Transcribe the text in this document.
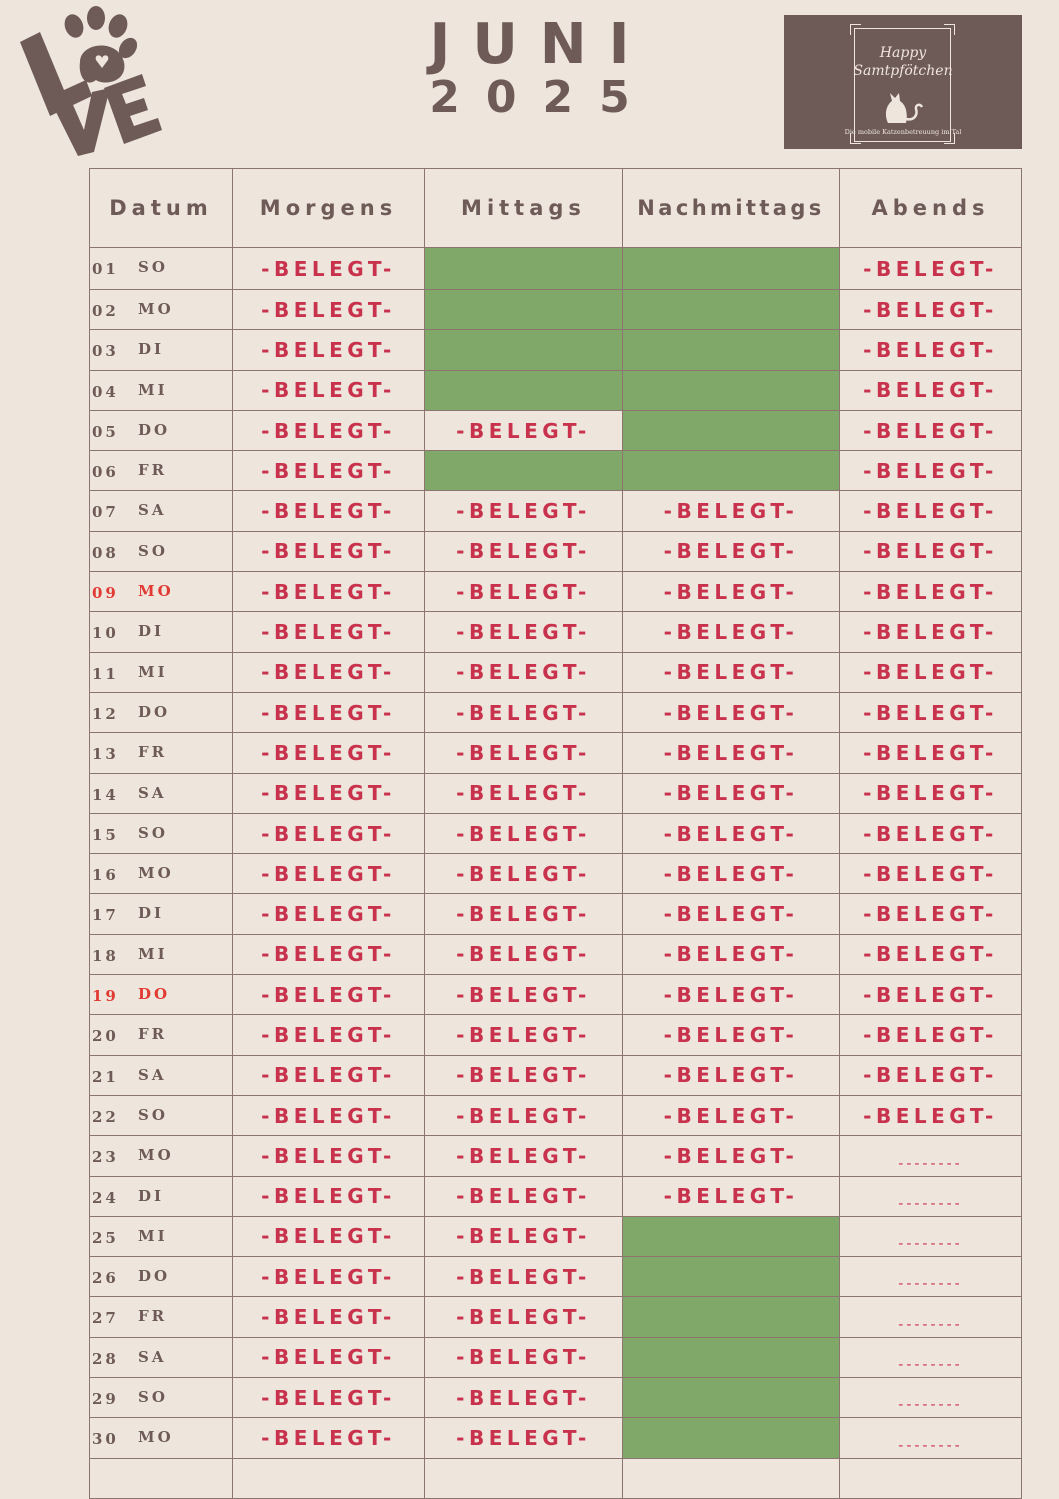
JUNI
2025
Happy
Samtpfötchen
Die mobile Katzenbetreuung im Tal
Datum	Morgens	Mittags	Nachmittags	Abends

01 SO	-BELEGT-			-BELEGT-

02 MO	-BELEGT-			-BELEGT-

03 DI	-BELEGT-			-BELEGT-

04 MI	-BELEGT-			-BELEGT-

05 DO	-BELEGT-	-BELEGT-		-BELEGT-

06 FR	-BELEGT-			-BELEGT-

07 SA	-BELEGT-	-BELEGT-	-BELEGT-	-BELEGT-

08 SO	-BELEGT-	-BELEGT-	-BELEGT-	-BELEGT-

09 MO	-BELEGT-	-BELEGT-	-BELEGT-	-BELEGT-

10 DI	-BELEGT-	-BELEGT-	-BELEGT-	-BELEGT-

11 MI	-BELEGT-	-BELEGT-	-BELEGT-	-BELEGT-

12 DO	-BELEGT-	-BELEGT-	-BELEGT-	-BELEGT-

13 FR	-BELEGT-	-BELEGT-	-BELEGT-	-BELEGT-

14 SA	-BELEGT-	-BELEGT-	-BELEGT-	-BELEGT-

15 SO	-BELEGT-	-BELEGT-	-BELEGT-	-BELEGT-

16 MO	-BELEGT-	-BELEGT-	-BELEGT-	-BELEGT-

17 DI	-BELEGT-	-BELEGT-	-BELEGT-	-BELEGT-

18 MI	-BELEGT-	-BELEGT-	-BELEGT-	-BELEGT-

19 DO	-BELEGT-	-BELEGT-	-BELEGT-	-BELEGT-

20 FR	-BELEGT-	-BELEGT-	-BELEGT-	-BELEGT-

21 SA	-BELEGT-	-BELEGT-	-BELEGT-	-BELEGT-

22 SO	-BELEGT-	-BELEGT-	-BELEGT-	-BELEGT-

23 MO	-BELEGT-	-BELEGT-	-BELEGT-	--------

24 DI	-BELEGT-	-BELEGT-	-BELEGT-	--------

25 MI	-BELEGT-	-BELEGT-		--------

26 DO	-BELEGT-	-BELEGT-		--------

27 FR	-BELEGT-	-BELEGT-		--------

28 SA	-BELEGT-	-BELEGT-		--------

29 SO	-BELEGT-	-BELEGT-		--------

30 MO	-BELEGT-	-BELEGT-		--------
